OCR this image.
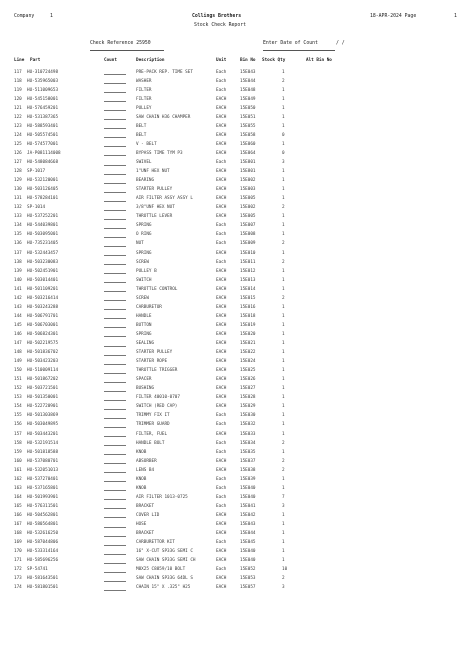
Company	1	Collings Brothers
Stock Check Report
18-APR-2024 Page	1
Check Reference 25950	Enter Date of Count	/ /
Line Part	Count	Description	Unit	Bin No Stock Qty	Alt Bin No
117 HU-310724498	PRE-PACK REP. TIME SET	Each	15E043	1
118 HU-535965003	WASHER	Each	15E044	2
119 HU-511009653	FILTER	Each	15E048	1
120 HU-545158001	FILTER	EACH	15E049	1
121 HU-576459201	PULLEY	EACH	15E050	1
122 HU-531387365	SAW CHAIN H36 CHAMPER	EACH	15E051	1
123 HU-588593401	BELT	EACH	15E055	1
124 HU-505574501	BELT	EACH	15E058	0
125 HU-574577001	V - BELT	EACH	15E060	1
126 JA-P081114008	BYPASS TIME TYM P3	EACH	15E064	0
127 HU-548084668	SWIVEL	Each	15E801	3
128 SP-1017	1"UNF HEX NUT	EACH	15E801	1
129 HU-532120001	BEARING	EACH	15E002	1
130 HU-503126405	STARTER PULLEY	EACH	15E003	1
131 HU-578284101	AIR FILTER ASSY ASSY L	EACH	15E005	1
132 SP-1014	3/8"UNF HEX NUT	EACH	15E002	2
133 HU-537252201	THROTTLE LEVER	EACH	15E005	1
134 HU-544039801	SPRING	Each	15E007	1
135 HU-503095001	O RING	Each	15E008	1
136 HU-735231405	NUT	Each	15E009	2
137 HU-532443457	SPRING	EACH	15E010	1
138 HU-503230083	SCREW	Each	15E011	2
139 HU-502451901	PULLEY B	EACH	15E012	1
140 HU-503014401	SWITCH	EACH	15E013	1
141 HU-501109201	THROTTLE CONTROL	EACH	15E014	1
142 HU-503216414	SCREW	EACH	15E015	2
143 HU-503243288	CARBURETOR	EACH	15E016	1
144 HU-506791701	HANDLE	EACH	15E018	1
145 HU-506703001	BUTTON	EACH	15E019	1
146 HU-506824301	SPRING	EACH	15E020	1
147 HU-502219575	SEALING	EACH	15E021	1
148 HU-501836702	STARTER PULLEY	EACH	15E022	1
149 HU-503423203	STARTER ROPE	EACH	15E024	1
150 HU-510009114	THROTTLE TRIGGER	EACH	15E025	1
151 HU-501867202	SPACER	EACH	15E026	1
152 HU-503721501	BUSHING	EACH	15E027	1
153 HU-501350001	FILTER 40010-0707	EACH	15E028	1
154 HU-522720901	SWITCH (RED CAP)	EACH	15E029	1
155 HU-501303869	TRIMMY FIX IT	Each	15E030	1
156 HU-503049895	TRIMMER GUARD	Each	15E032	1
157 HU-503443201	FILTER, FUEL	EACH	15E033	1
158 HU-532191514	HANDLE BOLT	Each	15E034	2
159 HU-501818588	KNOB	Each	15E035	1
160 HU-537080701	ABSORBER	EACH	15E037	2
161 HU-532051013	LENS B4	EACH	15E038	2
162 HU-537270401	KNOB	Each	15E039	1
163 HU-537165801	KNOB	Each	15E040	1
164 HU-501993901	AIR FILTER 1013-0725	Each	15E040	7
165 HU-576311501	BRACKET	Each	15E041	3
166 HU-504562801	COVER LID	EACH	15E042	1
167 HU-580564801	HOSE	EACH	15E043	1
168 HU-532616250	BRACKET	EACH	15E044	1
169 HU-587044806	CARBURETTOR KIT	Each	15E045	1
170 HU-533314164	16" X-CUT SP33G SEMI C	EACH	15E040	1
171 HU-585696256	SAW CHAIN SP33G SEMI CH	EACH	15E040	1
172 SP-54741	M8X25 C8859/10 BOLT	Each	15E052	10
173 HU-581643501	SAW CHAIN SP33G 64DL S	EACH	15E053	2
174 HU-581801501	CHAIN 15" X .325" H25	EACH	15E057	3
